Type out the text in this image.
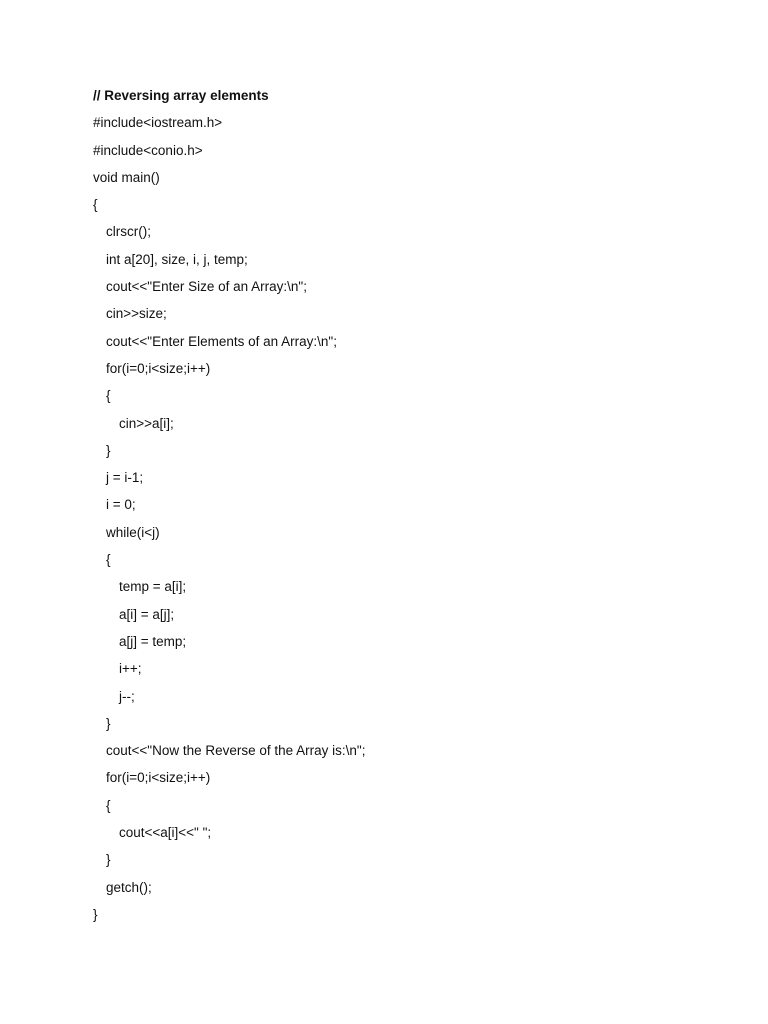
// Reversing array elements
#include<iostream.h>
#include<conio.h>
void main()
{
clrscr();
int a[20], size, i, j, temp;
cout<<"Enter Size of an Array:\n";
cin>>size;
cout<<"Enter Elements of an Array:\n";
for(i=0;i<size;i++)
{
cin>>a[i];
}
j = i-1;
i = 0;
while(i<j)
{
temp = a[i];
a[i] = a[j];
a[j] = temp;
i++;
j--;
}
cout<<"Now the Reverse of the Array is:\n";
for(i=0;i<size;i++)
{
cout<<a[i]<<" ";
}
getch();
}
